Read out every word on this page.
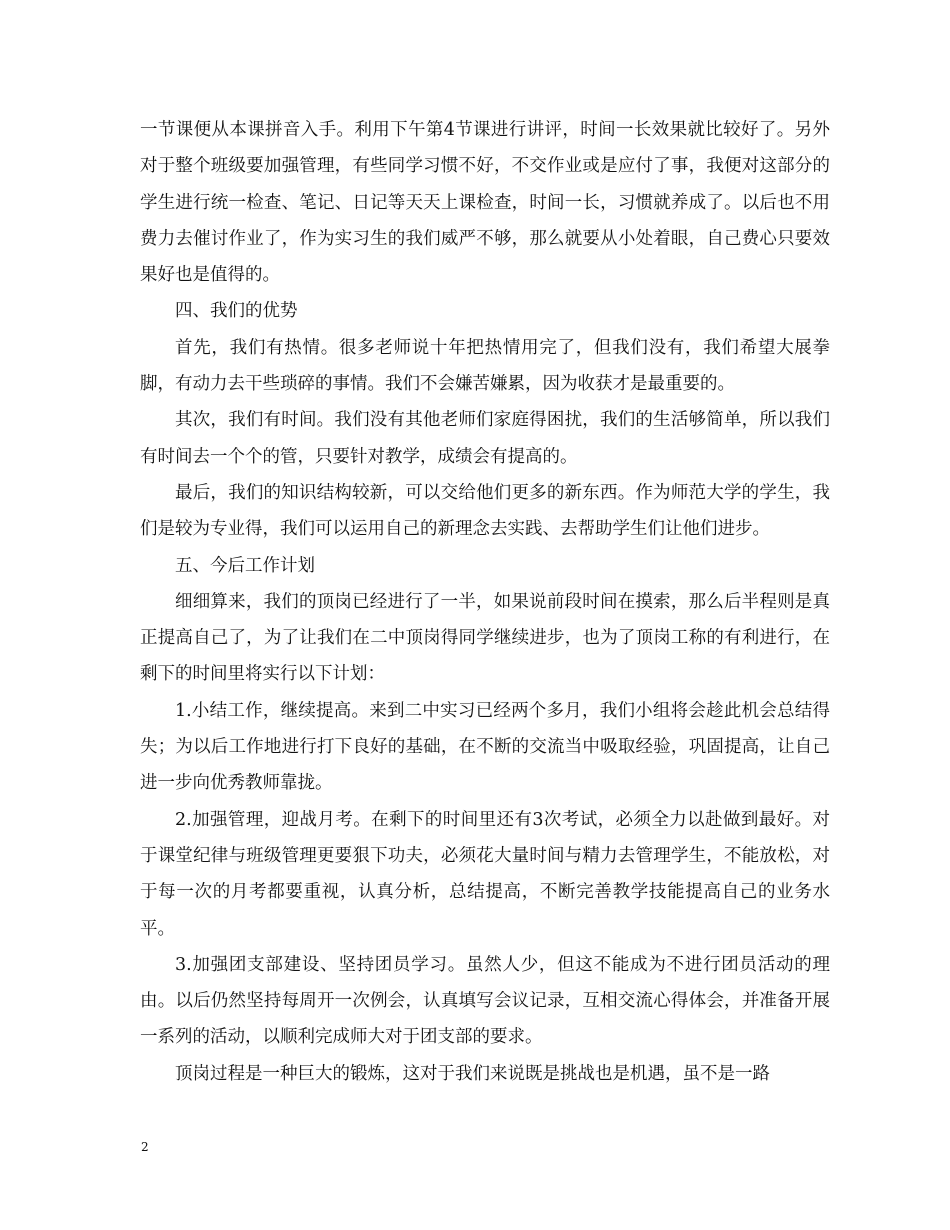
一节课便从本课拼音入手。利用下午第4节课进行讲评，时间一长效果就比较好了。另外对于整个班级要加强管理，有些同学习惯不好，不交作业或是应付了事，我便对这部分的学生进行统一检查、笔记、日记等天天上课检查，时间一长，习惯就养成了。以后也不用费力去催讨作业了，作为实习生的我们威严不够，那么就要从小处着眼，自己费心只要效果好也是值得的。

四、我们的优势

首先，我们有热情。很多老师说十年把热情用完了，但我们没有，我们希望大展拳脚，有动力去干些琐碎的事情。我们不会嫌苦嫌累，因为收获才是最重要的。

其次，我们有时间。我们没有其他老师们家庭得困扰，我们的生活够简单，所以我们有时间去一个个的管，只要针对教学，成绩会有提高的。

最后，我们的知识结构较新，可以交给他们更多的新东西。作为师范大学的学生，我们是较为专业得，我们可以运用自己的新理念去实践、去帮助学生们让他们进步。

五、今后工作计划

细细算来，我们的顶岗已经进行了一半，如果说前段时间在摸索，那么后半程则是真正提高自己了，为了让我们在二中顶岗得同学继续进步，也为了顶岗工称的有利进行，在剩下的时间里将实行以下计划：

1.小结工作，继续提高。来到二中实习已经两个多月，我们小组将会趁此机会总结得失；为以后工作地进行打下良好的基础，在不断的交流当中吸取经验，巩固提高，让自己进一步向优秀教师靠拢。

2.加强管理，迎战月考。在剩下的时间里还有3次考试，必须全力以赴做到最好。对于课堂纪律与班级管理更要狠下功夫，必须花大量时间与精力去管理学生，不能放松，对于每一次的月考都要重视，认真分析，总结提高，不断完善教学技能提高自己的业务水平。

3.加强团支部建设、坚持团员学习。虽然人少，但这不能成为不进行团员活动的理由。以后仍然坚持每周开一次例会，认真填写会议记录，互相交流心得体会，并准备开展一系列的活动，以顺利完成师大对于团支部的要求。

顶岗过程是一种巨大的锻炼，这对于我们来说既是挑战也是机遇，虽不是一路

2
